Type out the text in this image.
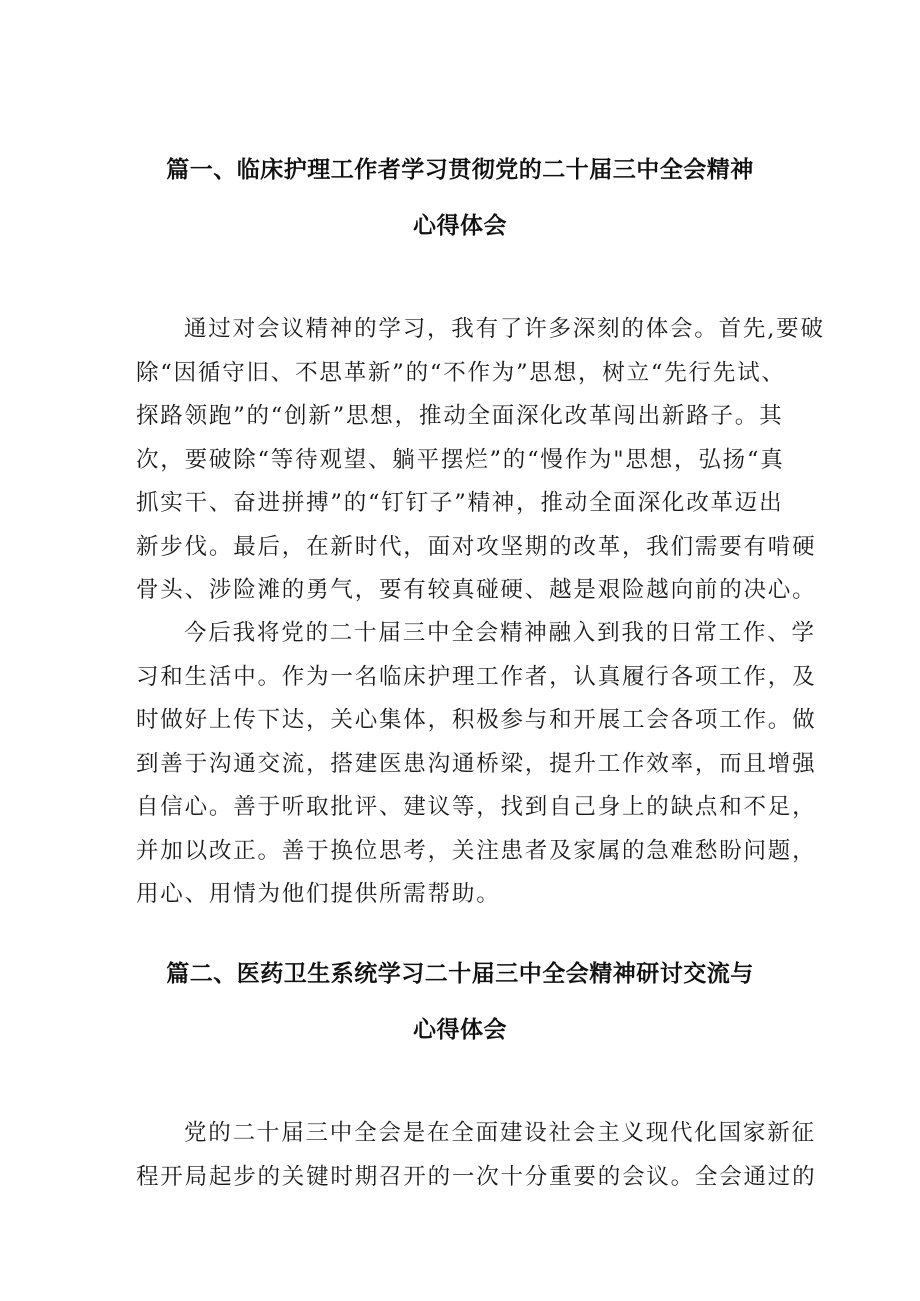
篇一、临床护理工作者学习贯彻党的二十届三中全会精神
心得体会
通过对会议精神的学习，我有了许多深刻的体会。首先,要破
除“因循守旧、不思革新”的“不作为”思想，树立“先行先试、
探路领跑”的“创新”思想，推动全面深化改革闯出新路子。其
次，要破除“等待观望、躺平摆烂”的“慢作为"思想，弘扬“真
抓实干、奋进拼搏”的“钉钉子”精神，推动全面深化改革迈出
新步伐。最后，在新时代，面对攻坚期的改革，我们需要有啃硬
骨头、涉险滩的勇气，要有较真碰硬、越是艰险越向前的决心。
今后我将党的二十届三中全会精神融入到我的日常工作、学
习和生活中。作为一名临床护理工作者，认真履行各项工作，及
时做好上传下达，关心集体，积极参与和开展工会各项工作。做
到善于沟通交流，搭建医患沟通桥梁，提升工作效率，而且增强
自信心。善于听取批评、建议等，找到自己身上的缺点和不足，
并加以改正。善于换位思考，关注患者及家属的急难愁盼问题，
用心、用情为他们提供所需帮助。
篇二、医药卫生系统学习二十届三中全会精神研讨交流与
心得体会
党的二十届三中全会是在全面建设社会主义现代化国家新征
程开局起步的关键时期召开的一次十分重要的会议。全会通过的
